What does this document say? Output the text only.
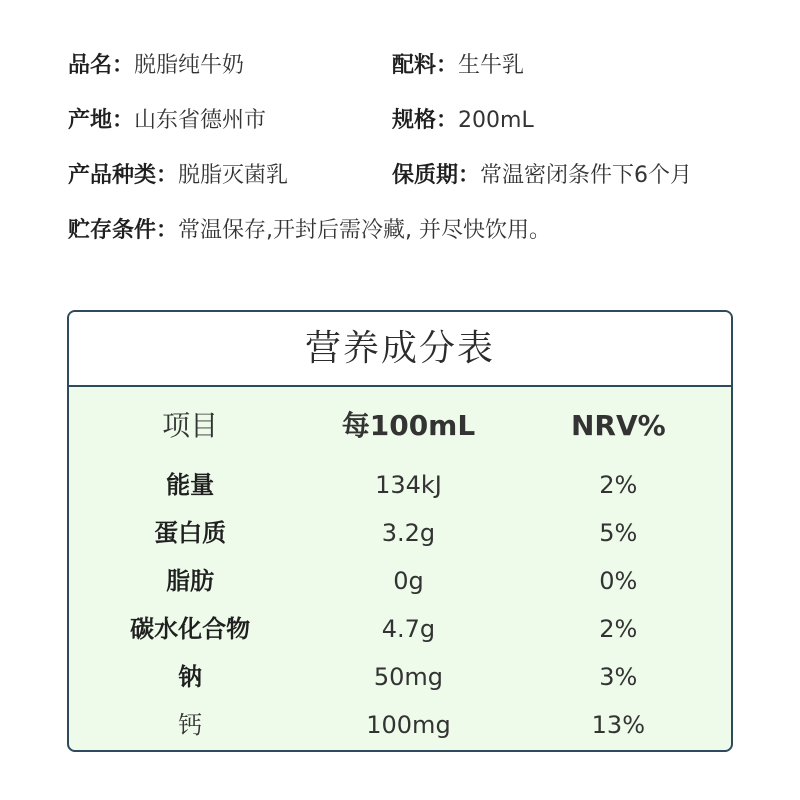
品名：脱脂纯牛奶	配料：生牛乳
产地：山东省德州市	规格：200mL
产品种类：脱脂灭菌乳	保质期：常温密闭条件下6个月
贮存条件：常温保存,开封后需冷藏, 并尽快饮用。
营养成分表
项目	每100mL	NRV%
能量	134kJ	2%
蛋白质	3.2g	5%
脂肪	0g	0%
碳水化合物	4.7g	2%
钠	50mg	3%
钙	100mg	13%
